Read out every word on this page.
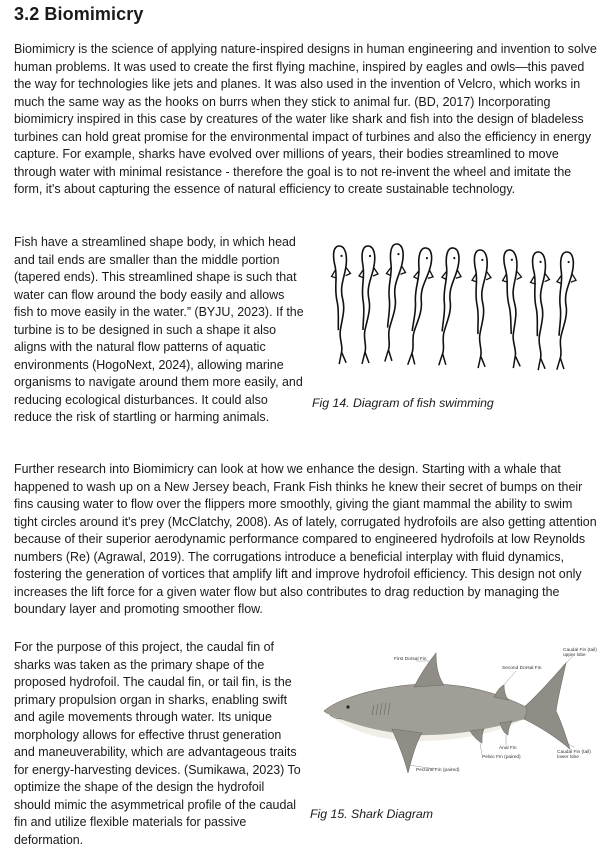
3.2 Biomimicry

Biomimicry is the science of applying nature-inspired designs in human engineering and invention to solve human problems. It was used to create the first flying machine, inspired by eagles and owls—this paved the way for technologies like jets and planes. It was also used in the invention of Velcro, which works in much the same way as the hooks on burrs when they stick to animal fur. (BD, 2017) Incorporating biomimicry inspired in this case by creatures of the water like shark and fish into the design of bladeless turbines can hold great promise for the environmental impact of turbines and also the efficiency in energy capture. For example, sharks have evolved over millions of years, their bodies streamlined to move through water with minimal resistance - therefore the goal is to not re-invent the wheel and imitate the form, it's about capturing the essence of natural efficiency to create sustainable technology.

Fish have a streamlined shape body, in which head and tail ends are smaller than the middle portion (tapered ends). This streamlined shape is such that water can flow around the body easily and allows fish to move easily in the water.” (BYJU, 2023). If the turbine is to be designed in such a shape it also aligns with the natural flow patterns of aquatic environments (HogoNext, 2024), allowing marine organisms to navigate around them more easily, and reducing ecological disturbances. It could also reduce the risk of startling or harming animals.

Fig 14. Diagram of fish swimming

Further research into Biomimicry can look at how we enhance the design. Starting with a whale that happened to wash up on a New Jersey beach, Frank Fish thinks he knew their secret of bumps on their fins causing water to flow over the flippers more smoothly, giving the giant mammal the ability to swim tight circles around it's prey (McClatchy, 2008). As of lately, corrugated hydrofoils are also getting attention because of their superior aerodynamic performance compared to engineered hydrofoils at low Reynolds numbers (Re) (Agrawal, 2019). The corrugations introduce a beneficial interplay with fluid dynamics, fostering the generation of vortices that amplify lift and improve hydrofoil efficiency. This design not only increases the lift force for a given water flow but also contributes to drag reduction by managing the boundary layer and promoting smoother flow.

For the purpose of this project, the caudal fin of sharks was taken as the primary shape of the proposed hydrofoil. The caudal fin, or tail fin, is the primary propulsion organ in sharks, enabling swift and agile movements through water. Its unique morphology allows for effective thrust generation and maneuverability, which are advantageous traits for energy-harvesting devices. (Sumikawa, 2023) To optimize the shape of the design the hydrofoil should mimic the asymmetrical profile of the caudal fin and utilize flexible materials for passive deformation.

First Dorsal Fin
Second Dorsal Fin
Caudal Fin (tail)
upper lobe
Anal Fin
Pelvic Fin (paired)
Caudal Fin (tail)
lower lobe
Pectoral Fin (paired)
Fig 15. Shark Diagram
